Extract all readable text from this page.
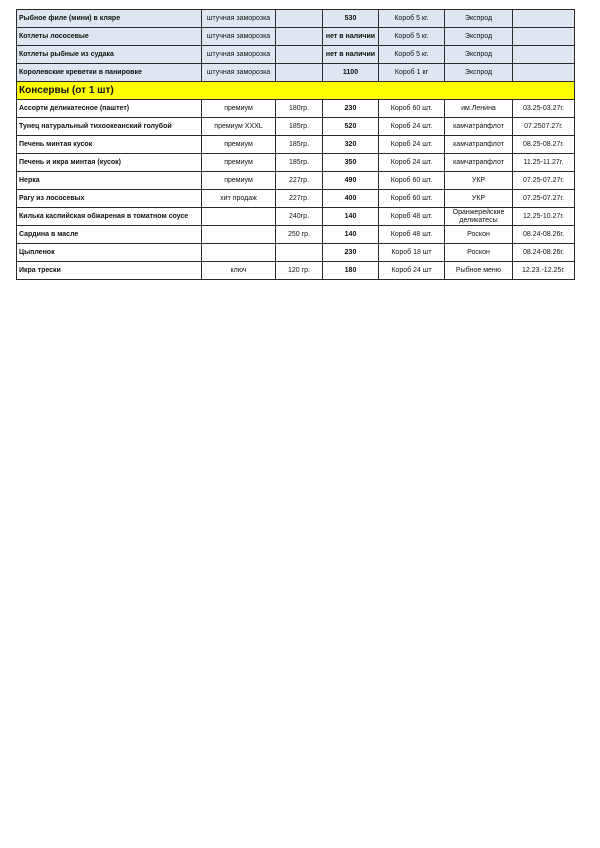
Рыбное филе (мини) в кляре	штучная заморозка		530	Короб 5 кг.	Экспрод	
Котлеты лососевые	штучная заморозка		нет в наличии	Короб 5 кг.	Экспрод	
Котлеты рыбные из судака	штучная заморозка		нет в наличии	Короб 5 кг.	Экспрод	
Королевские креветки в панировке	штучная заморозка		1100	Короб 1 кг	Экспрод	
Консервы (от 1 шт)						
Ассорти деликатесное (паштет)	премиум	180гр.	230	Короб 60 шт.	им.Ленина	03.25-03.27г.
Тунец натуральный тихоокеанский голубой	премиум XXXL	185гр.	520	Короб 24 шт.	камчатрапфлот	07.2507.27г.
Печень минтая кусок	премиум	185гр.	320	Короб 24 шт.	камчатрапфлот	08.25-08.27г.
Печень и икра минтая (кусок)	премиум	185гр.	350	Короб 24 шт.	камчатрапфлот	11.25-11.27г.
Нерка	премиум	227гр.	490	Короб 60 шт.	УКР	07.25-07.27г.
Рагу из лососевых	хит продаж	227гр.	400	Короб 60 шт.	УКР	07.25-07.27г.
Килька каспийская обжареная в томатном соусе		240гр.	140	Короб 48 шт.	Оранжерейские деликатесы	12.25-10.27г.
Сардина в масле		250 гр.	140	Короб 48 шт.	Роскон	08.24-08.26г.
Цыпленок			230	Короб 18 шт	Роскон	08.24-08.26г.
Икра трески	ключ	120 гр.	180	Короб 24 шт	Рыбное меню	12.23.-12.25г.
